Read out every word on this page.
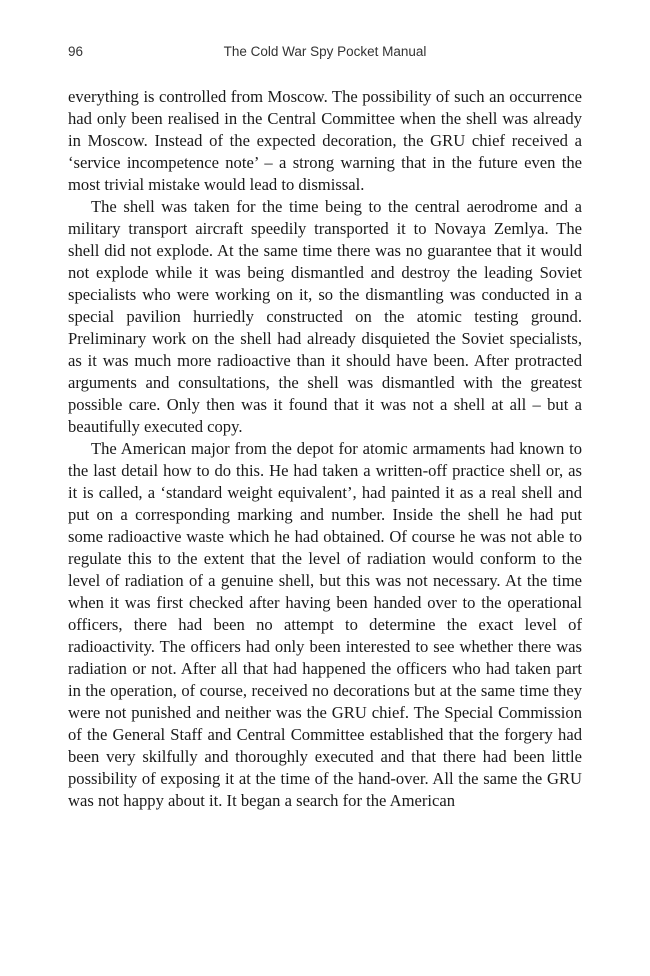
96	The Cold War Spy Pocket Manual

everything is controlled from Moscow. The possibility of such an occurrence had only been realised in the Central Committee when the shell was already in Moscow. Instead of the expected decoration, the GRU chief received a ‘service incompetence note’ – a strong warning that in the future even the most trivial mistake would lead to dismissal.

The shell was taken for the time being to the central aerodrome and a military transport aircraft speedily transported it to Novaya Zemlya. The shell did not explode. At the same time there was no guarantee that it would not explode while it was being dismantled and destroy the leading Soviet specialists who were working on it, so the dismantling was conducted in a special pavilion hurriedly constructed on the atomic testing ground. Preliminary work on the shell had already disquieted the Soviet specialists, as it was much more radioactive than it should have been. After protracted arguments and consultations, the shell was dismantled with the greatest possible care. Only then was it found that it was not a shell at all – but a beautifully executed copy.

The American major from the depot for atomic armaments had known to the last detail how to do this. He had taken a written-off practice shell or, as it is called, a ‘standard weight equivalent’, had painted it as a real shell and put on a corresponding marking and number. Inside the shell he had put some radioactive waste which he had obtained. Of course he was not able to regulate this to the extent that the level of radiation would conform to the level of radiation of a genuine shell, but this was not necessary. At the time when it was first checked after having been handed over to the operational officers, there had been no attempt to determine the exact level of radioactivity. The officers had only been interested to see whether there was radiation or not. After all that had happened the officers who had taken part in the operation, of course, received no decorations but at the same time they were not punished and neither was the GRU chief. The Special Commission of the General Staff and Central Committee established that the forgery had been very skilfully and thoroughly executed and that there had been little possibility of exposing it at the time of the hand-over. All the same the GRU was not happy about it. It began a search for the American
